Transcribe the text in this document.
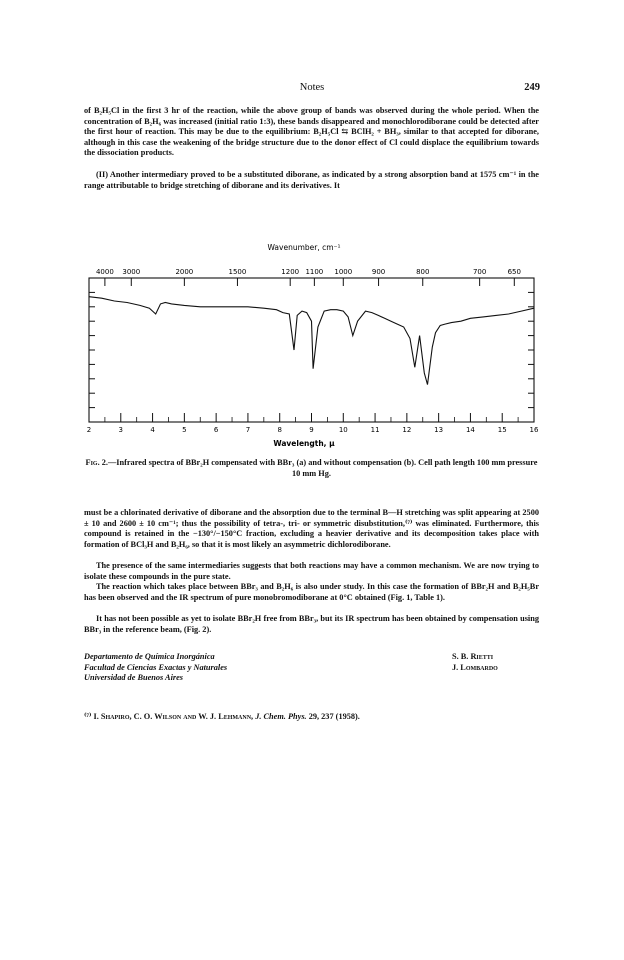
Notes	249

of B₂H₅Cl in the first 3 hr of the reaction, while the above group of bands was observed during the whole period. When the concentration of B₂H₆ was increased (initial ratio 1:3), these bands disappeared and monochlorodiborane could be detected after the first hour of reaction. This may be due to the equilibrium: B₂H₅Cl ⇆ BClH₂ + BH₃, similar to that accepted for diborane, although in this case the weakening of the bridge structure due to the donor effect of Cl could displace the equilibrium towards the dissociation products.

(II) Another intermediary proved to be a substituted diborane, as indicated by a strong absorption band at 1575 cm⁻¹ in the range attributable to bridge stretching of diborane and its derivatives. It

Wavenumber, cm⁻¹
4000 3000	2000	1500	1200 1100 1000	900	800	700	650
2	3	4	5	6	7	8	9	10	11	12	13	14	15	16
Wavelength, μ

Fig. 2.—Infrared spectra of BBr₂H compensated with BBr₃ (a) and without compensation (b). Cell path length 100 mm pressure 10 mm Hg.

must be a chlorinated derivative of diborane and the absorption due to the terminal B—H stretching was split appearing at 2500 ± 10 and 2600 ± 10 cm⁻¹; thus the possibility of tetra-, tri- or symmetric disubstitution,⁽⁷⁾ was eliminated. Furthermore, this compound is retained in the −130°/−150°C fraction, excluding a heavier derivative and its decomposition takes place with formation of BCl₃H and B₂H₆, so that it is most likely an asymmetric dichlorodiborane.

The presence of the same intermediaries suggests that both reactions may have a common mechanism. We are now trying to isolate these compounds in the pure state.

The reaction which takes place between BBr₃ and B₂H₆ is also under study. In this case the formation of BBr₂H and B₂H₅Br has been observed and the IR spectrum of pure monobromodiborane at 0°C obtained (Fig. 1, Table 1).

It has not been possible as yet to isolate BBr₂H free from BBr₃, but its IR spectrum has been obtained by compensation using BBr₃ in the reference beam, (Fig. 2).

Departamento de Química Inorgánica
Facultad de Ciencias Exactas y Naturales
Universidad de Buenos Aires
S. B. Rietti
J. Lombardo
⁽⁷⁾ I. Shapiro, C. O. Wilson and W. J. Lehmann, J. Chem. Phys. 29, 237 (1958).
